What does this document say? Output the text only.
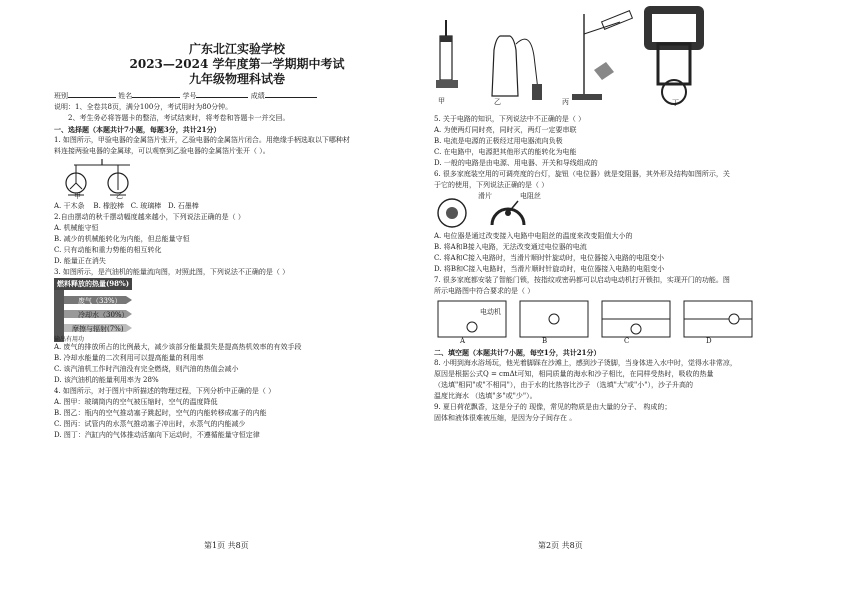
广东北江实验学校

2023—2024 学年度第一学期期中考试

九年级物理科试卷

班别	姓名	学号	成绩
说明：1、全卷共8页，满分100分，考试用时为80分钟。
2、考生务必将答题卡的整洁，考试结束时，将考卷和答题卡一并交回。
一、选择题（本题共计7小题，每题3分，共计21分）
1. 如图所示，甲验电器的金属箔片张开，乙验电器的金属箔片闭合。用绝缘手柄选取以下哪种材
料连接两验电器的金属球，可以观察到乙验电器的金属箔片张开（ ）。
甲	乙
A. 干木条 B. 橡胶棒 C. 玻璃棒 D. 石墨棒
2.自由摆动的秋千摆动幅度越来越小，下列说法正确的是（ ）
A. 机械能守恒
B. 减少的机械能转化为内能，但总能量守恒
C. 只有动能和重力势能的相互转化
D. 能量正在消失
3. 如图所示，是汽油机的能量流向图，对照此图，下列说法不正确的是（ ）
燃料释放的热量(98%)
废气（33%）
冷却水（30%）
摩擦与辐射(7%)
输出有用功
A. 废气的排放所占的比例最大，减少该部分能量损失是提高热机效率的有效手段
B. 冷却水能量的二次利用可以提高能量的利用率
C. 该汽油机工作时汽油没有完全燃烧，则汽油的热值会减小
D. 该汽油机的能量利用率为 28%
4. 如图所示，对于图片中所描述的物理过程，下列分析中正确的是（ ）
A. 图甲：玻璃筒内的空气被压缩时，空气的温度降低
B. 图乙：瓶内的空气推动塞子跳起时，空气的内能转移成塞子的内能
C. 图丙：试管内的水蒸气推动塞子冲出时，水蒸气的内能减少
D. 图丁：汽缸内的气体推动活塞向下运动时，不遵循能量守恒定律
第1页 共8页
甲	乙	丙	丁
5. 关于电路的知识，下列说法中不正确的是（ ）
A. 为使两灯同时亮，同时灭，两灯一定要串联
B. 电流是电源的正极经过用电器流向负极
C. 在电路中，电源把其他形式的能转化为电能
D. 一般的电路是由电源、用电器、开关和导线组成的
6. 很多家庭装空用的可调亮度的台灯，旋钮（电位器）就是变阻器，其外形及结构如图所示，关
于它的使用，下列说法正确的是（ ）
滑片	电阻丝
A. 电位器是通过改变接入电路中电阻丝的温度来改变阻值大小的
B. 将A和B接入电路，无法改变通过电位器的电流
C. 将A和C接入电路时，当滑片顺时针旋动时，电位器接入电路的电阻变小
D. 将B和C接入电路时，当滑片顺时针旋动时，电位器接入电路的电阻变小
7. 很多家庭都安装了智能门锁，按指纹或密码都可以启动电动机打开锁扣，实现开门的功能。图
所示电路图中符合要求的是（ ）
A	B	C	D
电动机
二、填空题（本题共计7小题，每空1分，共计21分）
8. 小明到海水浴场玩，他光着脚踩在沙滩上，感到沙子烫脚，当身体进入水中时，觉得水非常凉，
原因是根据公式Q = cmΔt可知，相同质量的海水和沙子相比，在同样受热时，吸收的热量
（选填"相同"或"不相同"），由于水的比热容比沙子 （选填"大"或"小"），沙子升高的
温度比海水 （选填"多"或"少"）。
9. 夏日荷花飘香，这是分子的 现像，常见的物质是由大量的分子、 构成的；
固体和液体很难被压缩，是因为分子间存在 。
第2页 共8页
